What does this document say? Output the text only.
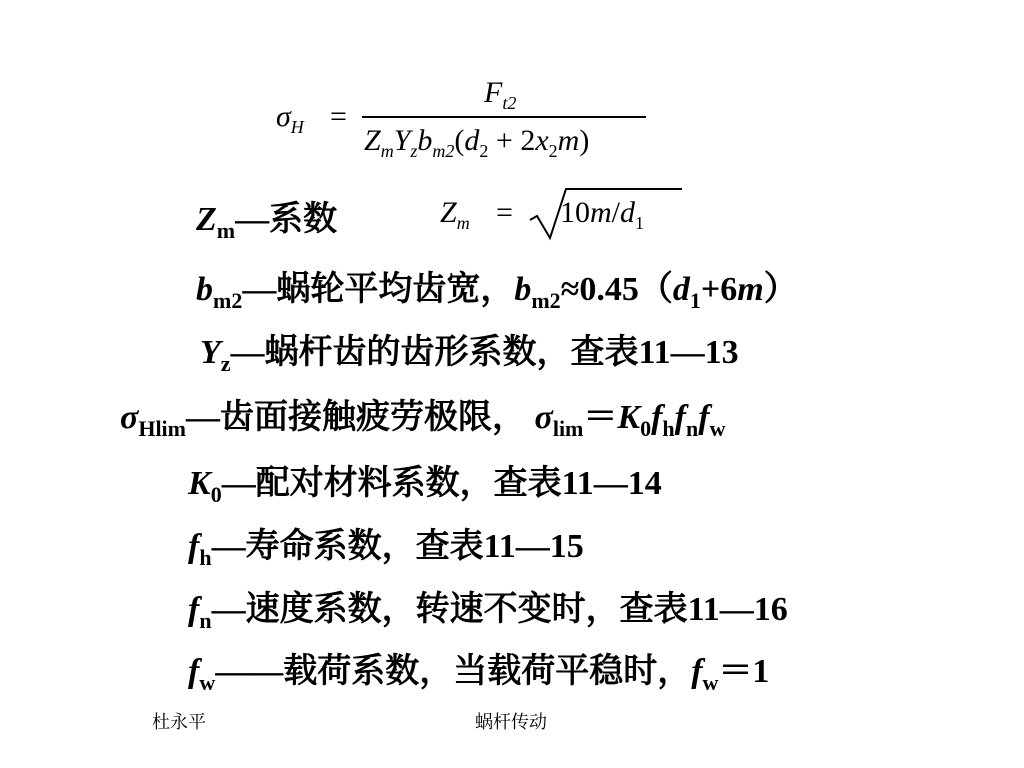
$\sigma_H$ =
$F_{t2}$
$Z_mY_zb_{m2}(d_2 + 2x_2m)$
$Z_m—$系数	$Z_m = 10m/d_1$
$b_{m2}—$蜗轮平均齿宽，$b_{m2}\approx 0.45(d_1+6m)$
$Y_z—$蜗杆齿的齿形系数，查表11—13
$\sigma_{Hlim}—$齿面接触疲劳极限， $\sigma_{lim}=K_0f_hf_nf_w$
$K_0—$配对材料系数，查表11—14
$f_h—$寿命系数，查表11—15
$f_n—$速度系数，转速不变时，查表11—16
$f_w——$载荷系数，当载荷平稳时，$f_w=1$
杜永平	蜗杆传动
